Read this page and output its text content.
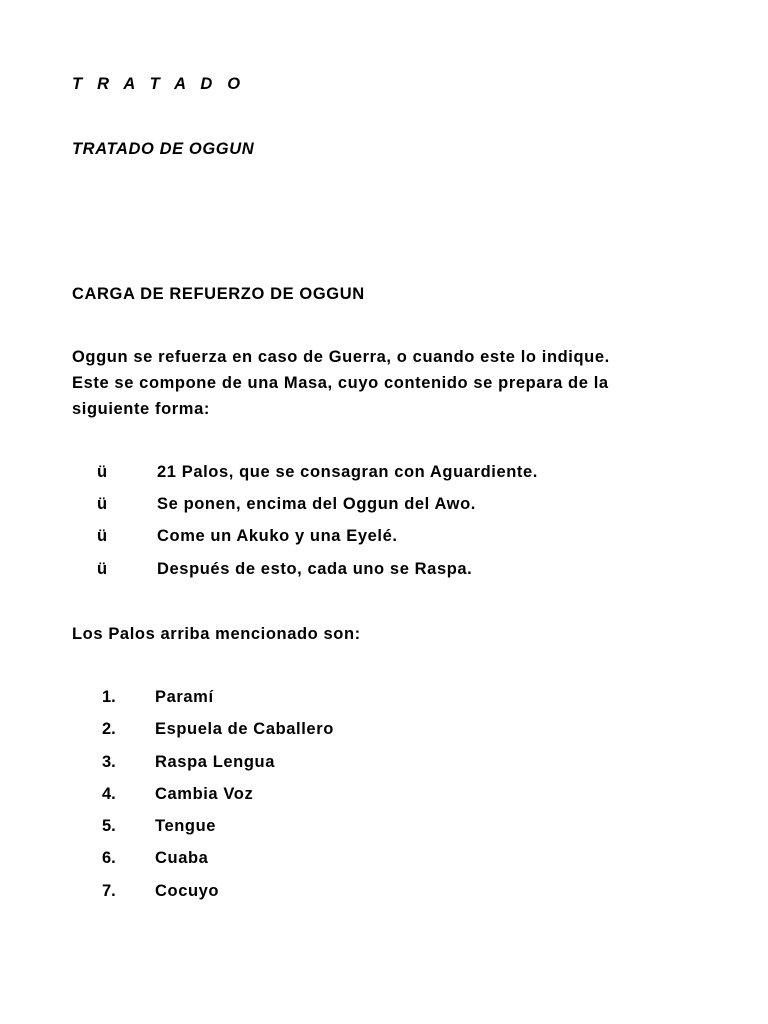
T R A T A D O
TRATADO DE OGGUN
CARGA DE REFUERZO DE OGGUN
Oggun se refuerza en caso de Guerra, o cuando este lo indique.
Este se compone de una Masa, cuyo contenido se prepara de la
siguiente forma:
ü	21 Palos, que se consagran con Aguardiente.
ü	Se ponen, encima del Oggun del Awo.
ü	Come un Akuko y una Eyelé.
ü	Después de esto, cada uno se Raspa.
Los Palos arriba mencionado son:
1. Paramí
2. Espuela de Caballero
3. Raspa Lengua
4. Cambia Voz
5. Tengue
6. Cuaba
7. Cocuyo
